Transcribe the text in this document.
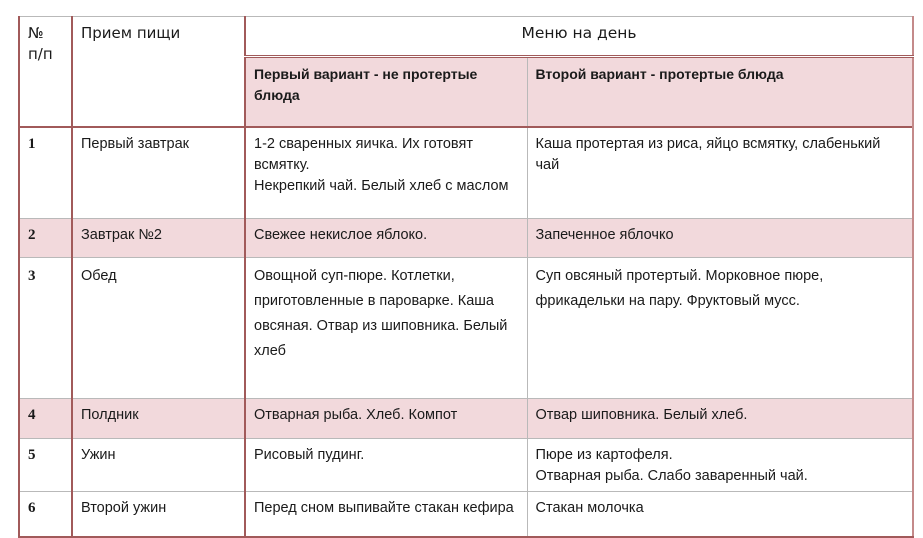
№ п/п	Прием пищи	Меню на день	
		Первый вариант - не протертые блюда	Второй вариант - протертые блюда
1	Первый завтрак	1-2 сваренных яичка. Их готовят всмятку.
Некрепкий чай. Белый хлеб с маслом	Каша протертая из риса, яйцо всмятку, слабенький чай

2	Завтрак №2	Свежее некислое яблоко.	Запеченное яблочко

3	Обед	Овощной суп-пюре. Котлетки, приготовленные в пароварке. Каша овсяная. Отвар из шиповника. Белый хлеб	Суп овсяный протертый. Морковное пюре, фрикадельки на пару. Фруктовый мусс.

4	Полдник	Отварная рыба. Хлеб. Компот	Отвар шиповника. Белый хлеб.

5	Ужин	Рисовый пудинг.	Пюре из картофеля.
Отварная рыба. Слабо заваренный чай.

6	Второй ужин	Перед сном выпивайте стакан кефира	Стакан молочка
